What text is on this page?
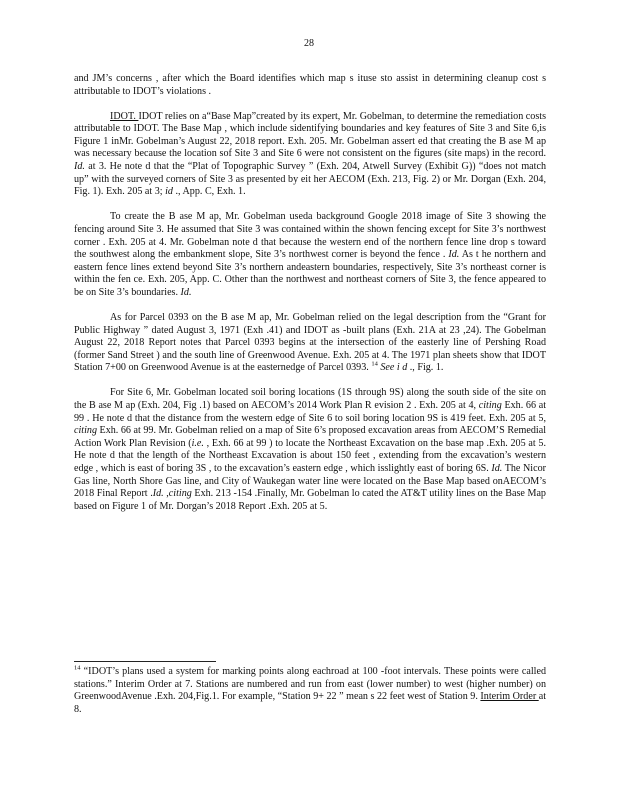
28

and JM’s concerns , after which the Board identifies which map s ituse sto assist in determining cleanup cost s attributable to IDOT’s violations .

IDOT. IDOT relies on a“Base Map”created by its expert, Mr. Gobelman, to determine the remediation costs attributable to IDOT. The Base Map , which include sidentifying boundaries and key features of Site 3 and Site 6,is Figure 1 inMr. Gobelman’s August 22, 2018 report. Exh. 205. Mr. Gobelman assert ed that creating the B ase M ap was necessary because the location sof Site 3 and Site 6 were not consistent on the figures (site maps) in the record. Id. at 3. He note d that the “Plat of Topographic Survey ” (Exh. 204, Atwell Survey (Exhibit G)) “does not match up” with the surveyed corners of Site 3 as presented by eit her AECOM (Exh. 213, Fig. 2) or Mr. Dorgan (Exh. 204, Fig. 1). Exh. 205 at 3; id ., App. C, Exh. 1.

To create the B ase M ap, Mr. Gobelman useda background Google 2018 image of Site 3 showing the fencing around Site 3. He assumed that Site 3 was contained within the shown fencing except for Site 3’s northwest corner . Exh. 205 at 4. Mr. Gobelman note d that because the western end of the northern fence line drop s toward the southwest along the embankment slope, Site 3’s northwest corner is beyond the fence . Id. As t he northern and eastern fence lines extend beyond Site 3’s northern andeastern boundaries, respectively, Site 3’s northeast corner is within the fen ce. Exh. 205, App. C. Other than the northwest and northeast corners of Site 3, the fence appeared to be on Site 3’s boundaries. Id.

As for Parcel 0393 on the B ase M ap, Mr. Gobelman relied on the legal description from the “Grant for Public Highway ” dated August 3, 1971 (Exh .41) and IDOT as -built plans (Exh. 21A at 23 ,24). The Gobelman August 22, 2018 Report notes that Parcel 0393 begins at the intersection of the easterly line of Pershing Road (former Sand Street ) and the south line of Greenwood Avenue. Exh. 205 at 4. The 1971 plan sheets show that IDOT Station 7+00 on Greenwood Avenue is at the easternedge of Parcel 0393. $^{14}$ See i d ., Fig. 1.

For Site 6, Mr. Gobelman located soil boring locations (1S through 9S) along the south side of the site on the B ase M ap (Exh. 204, Fig .1) based on AECOM’s 2014 Work Plan R evision 2 . Exh. 205 at 4, citing Exh. 66 at 99 . He note d that the distance from the western edge of Site 6 to soil boring location 9S is 419 feet. Exh. 205 at 5, citing Exh. 66 at 99. Mr. Gobelman relied on a map of Site 6’s proposed excavation areas from AECOM’S Remedial Action Work Plan Revision (i.e. , Exh. 66 at 99 ) to locate the Northeast Excavation on the base map .Exh. 205 at 5. He note d that the length of the Northeast Excavation is about 150 feet , extending from the excavation’s western edge , which is east of boring 3S , to the excavation’s eastern edge , which isslightly east of boring 6S. Id. The Nicor Gas line, North Shore Gas line, and City of Waukegan water line were located on the Base Map based onAECOM’s 2018 Final Report .Id. ,citing Exh. 213 -154 .Finally, Mr. Gobelman lo cated the AT&T utility lines on the Base Map based on Figure 1 of Mr. Dorgan’s 2018 Report .Exh. 205 at 5.

$^{14}$ “IDOT’s plans used a system for marking points along eachroad at 100 -foot intervals. These points were called stations.” Interim Order at 7. Stations are numbered and run from east (lower number) to west (higher number) on GreenwoodAvenue .Exh. 204,Fig.1. For example, “Station 9+ 22 ” mean s 22 feet west of Station 9. Interim Order at 8.
